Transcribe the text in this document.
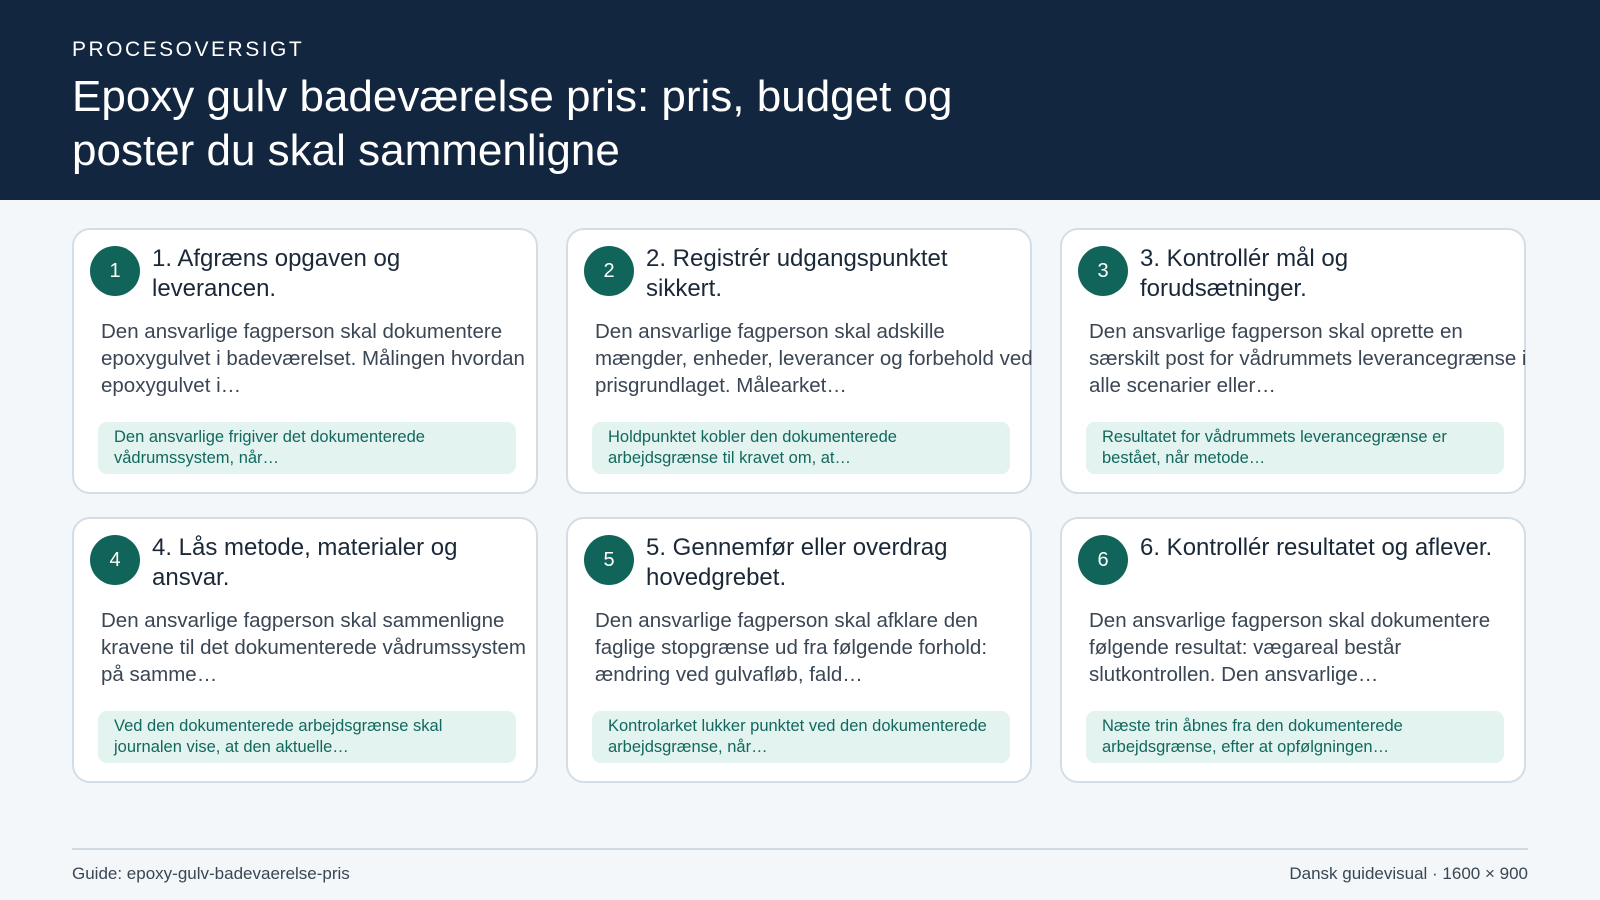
PROCESOVERSIGT
Epoxy gulv badeværelse pris: pris, budget og poster du skal sammenligne
1	1. Afgræns opgaven og leverancen.
Den ansvarlige fagperson skal dokumentere epoxygulvet i badeværelset. Målingen hvordan epoxygulvet i…
Den ansvarlige frigiver det dokumenterede vådrumssystem, når…
2	2. Registrér udgangspunktet sikkert.
Den ansvarlige fagperson skal adskille mængder, enheder, leverancer og forbehold ved prisgrundlaget. Målearket…
Holdpunktet kobler den dokumenterede arbejdsgrænse til kravet om, at…
3	3. Kontrollér mål og forudsætninger.
Den ansvarlige fagperson skal oprette en særskilt post for vådrummets leverancegrænse i alle scenarier eller…
Resultatet for vådrummets leverancegrænse er bestået, når metode…
4	4. Lås metode, materialer og ansvar.
Den ansvarlige fagperson skal sammenligne kravene til det dokumenterede vådrumssystem på samme…
Ved den dokumenterede arbejdsgrænse skal journalen vise, at den aktuelle…
5	5. Gennemfør eller overdrag hovedgrebet.
Den ansvarlige fagperson skal afklare den faglige stopgrænse ud fra følgende forhold: ændring ved gulvafløb, fald…
Kontrolarket lukker punktet ved den dokumenterede arbejdsgrænse, når…
6	6. Kontrollér resultatet og aflever.
Den ansvarlige fagperson skal dokumentere følgende resultat: vægareal består slutkontrollen. Den ansvarlige…
Næste trin åbnes fra den dokumenterede arbejdsgrænse, efter at opfølgningen…
Guide: epoxy-gulv-badevaerelse-pris	Dansk guidevisual · 1600 × 900
